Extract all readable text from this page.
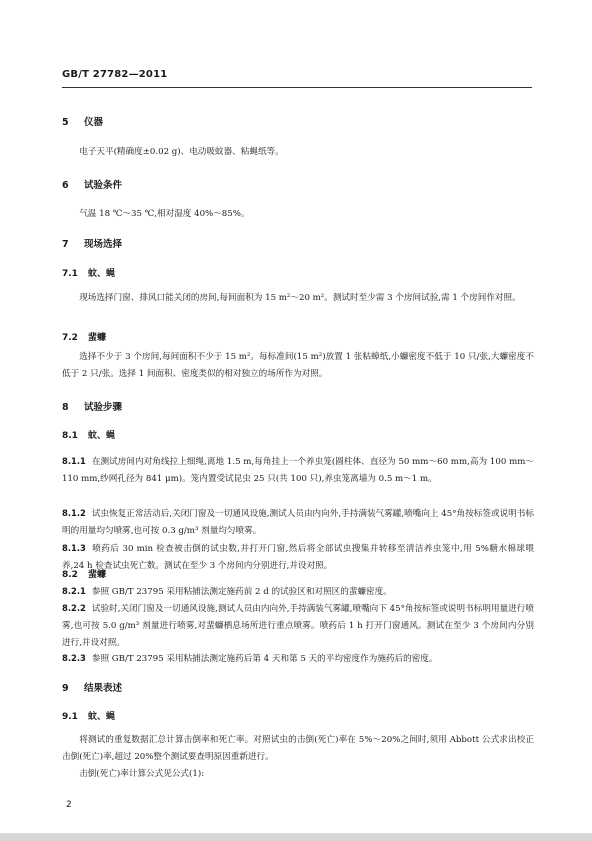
GB/T 27782—2011
5 仪器
电子天平(精确度±0.02 g)、电动吸蚊器、粘蝇纸等。
6 试验条件
气温 18 ℃～35 ℃,相对湿度 40%～85%。
7 现场选择
7.1 蚊、蝇
现场选择门窗、排风口能关闭的房间,每间面积为 15 m²～20 m²。测试时至少需 3 个房间试验,需 1 个房间作对照。
7.2 蜚蠊
选择不少于 3 个房间,每间面积不少于 15 m²。每标准间(15 m²)放置 1 张粘蟑纸,小蠊密度不低于 10 只/张,大蠊密度不低于 2 只/张。选择 1 间面积、密度类似的相对独立的场所作为对照。
8 试验步骤
8.1 蚊、蝇
8.1.1 在测试房间内对角线拉上细绳,离地 1.5 m,每角挂上一个养虫笼(圆柱体、直径为 50 mm～60 mm,高为 100 mm～110 mm,纱网孔径为 841 μm)。笼内置受试昆虫 25 只(共 100 只),养虫笼离墙为 0.5 m～1 m。
8.1.2 试虫恢复正常活动后,关闭门窗及一切通风设施,测试人员由内向外,手持满装气雾罐,喷嘴向上 45°角按标签或说明书标明的用量均匀喷雾,也可按 0.3 g/m³ 剂量均匀喷雾。
8.1.3 喷药后 30 min 检查被击倒的试虫数,并打开门窗,然后将全部试虫搜集并转移至清洁养虫笼中,用 5%糖水棉球喂养,24 h 检查试虫死亡数。测试在至少 3 个房间内分别进行,并设对照。
8.2 蜚蠊
8.2.1 参照 GB/T 23795 采用粘捕法测定施药前 2 d 的试验区和对照区的蜚蠊密度。
8.2.2 试验时,关闭门窗及一切通风设施,测试人员由内向外,手持满装气雾罐,喷嘴向下 45°角按标签或说明书标明用量进行喷雾,也可按 5.0 g/m³ 剂量进行喷雾,对蜚蠊栖息场所进行重点喷雾。喷药后 1 h 打开门窗通风。测试在至少 3 个房间内分别进行,并设对照。
8.2.3 参照 GB/T 23795 采用粘捕法测定施药后第 4 天和第 5 天的平均密度作为施药后的密度。
9 结果表述
9.1 蚊、蝇
将测试的重复数据汇总计算击倒率和死亡率。对照试虫的击倒(死亡)率在 5%～20%之间时,须用 Abbott 公式求出校正击倒(死亡)率,超过 20%整个测试要查明原因重新进行。
击倒(死亡)率计算公式见公式(1):
2
